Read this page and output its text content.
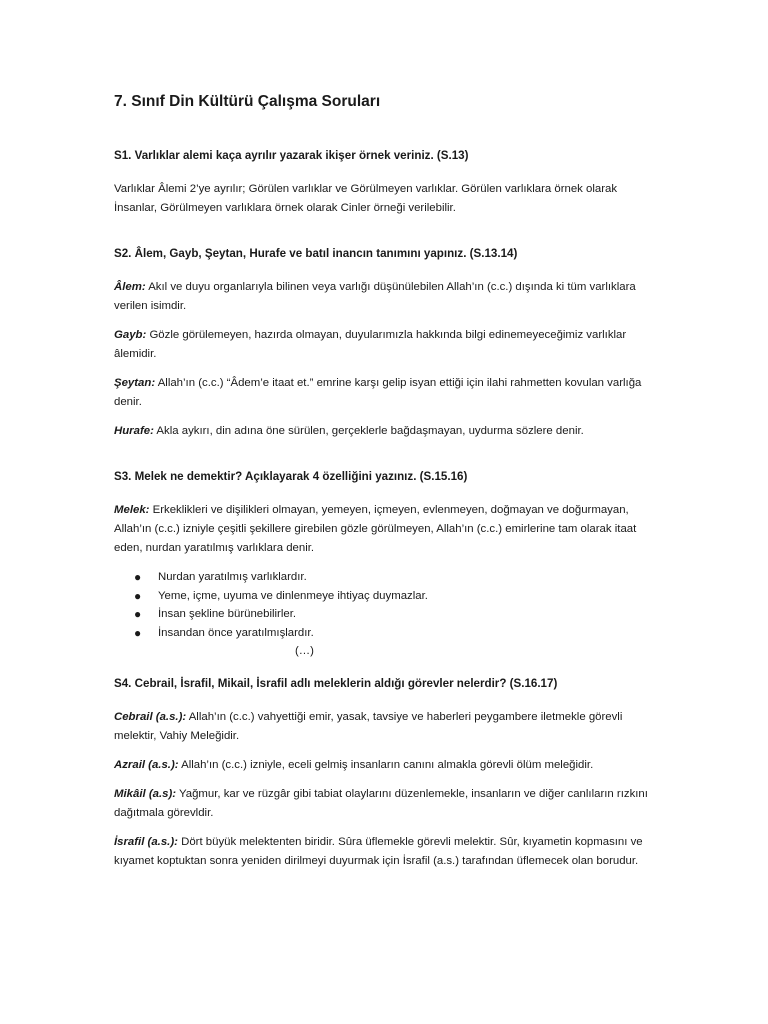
7. Sınıf Din Kültürü Çalışma Soruları

S1. Varlıklar alemi kaça ayrılır yazarak ikişer örnek veriniz. (S.13)

Varlıklar Âlemi 2’ye ayrılır; Görülen varlıklar ve Görülmeyen varlıklar. Görülen varlıklara örnek olarak İnsanlar, Görülmeyen varlıklara örnek olarak Cinler örneği verilebilir.

S2. Âlem, Gayb, Şeytan, Hurafe ve batıl inancın tanımını yapınız. (S.13.14)

Âlem: Akıl ve duyu organlarıyla bilinen veya varlığı düşünülebilen Allah’ın (c.c.) dışında ki tüm varlıklara verilen isimdir.

Gayb: Gözle görülemeyen, hazırda olmayan, duyularımızla hakkında bilgi edinemeyeceğimiz varlıklar âlemidir.

Şeytan: Allah’ın (c.c.) “Âdem’e itaat et.” emrine karşı gelip isyan ettiği için ilahi rahmetten kovulan varlığa denir.

Hurafe: Akla aykırı, din adına öne sürülen, gerçeklerle bağdaşmayan, uydurma sözlere denir.

S3. Melek ne demektir? Açıklayarak 4 özelliğini yazınız. (S.15.16)

Melek: Erkeklikleri ve dişilikleri olmayan, yemeyen, içmeyen, evlenmeyen, doğmayan ve doğurmayan, Allah’ın (c.c.) izniyle çeşitli şekillere girebilen gözle görülmeyen, Allah’ın (c.c.) emirlerine tam olarak itaat eden, nurdan yaratılmış varlıklara denir.

● Nurdan yaratılmış varlıklardır.
● Yeme, içme, uyuma ve dinlenmeye ihtiyaç duymazlar.
● İnsan şekline bürünebilirler.
● İnsandan önce yaratılmışlardır.

(…)

S4. Cebrail, İsrafil, Mikail, İsrafil adlı meleklerin aldığı görevler nelerdir? (S.16.17)

Cebrail (a.s.): Allah’ın (c.c.) vahyettiği emir, yasak, tavsiye ve haberleri peygambere iletmekle görevli melektir, Vahiy Meleğidir.

Azrail (a.s.): Allah’ın (c.c.) izniyle, eceli gelmiş insanların canını almakla görevli ölüm meleğidir.

Mikâil (a.s): Yağmur, kar ve rüzgâr gibi tabiat olaylarını düzenlemekle, insanların ve diğer canlıların rızkını dağıtmala görevldir.

İsrafil (a.s.): Dört büyük melektenten biridir. Sûra üflemekle görevli melektir. Sûr, kıyametin kopmasını ve kıyamet koptuktan sonra yeniden dirilmeyi duyurmak için İsrafil (a.s.) tarafından üflemecek olan borudur.
